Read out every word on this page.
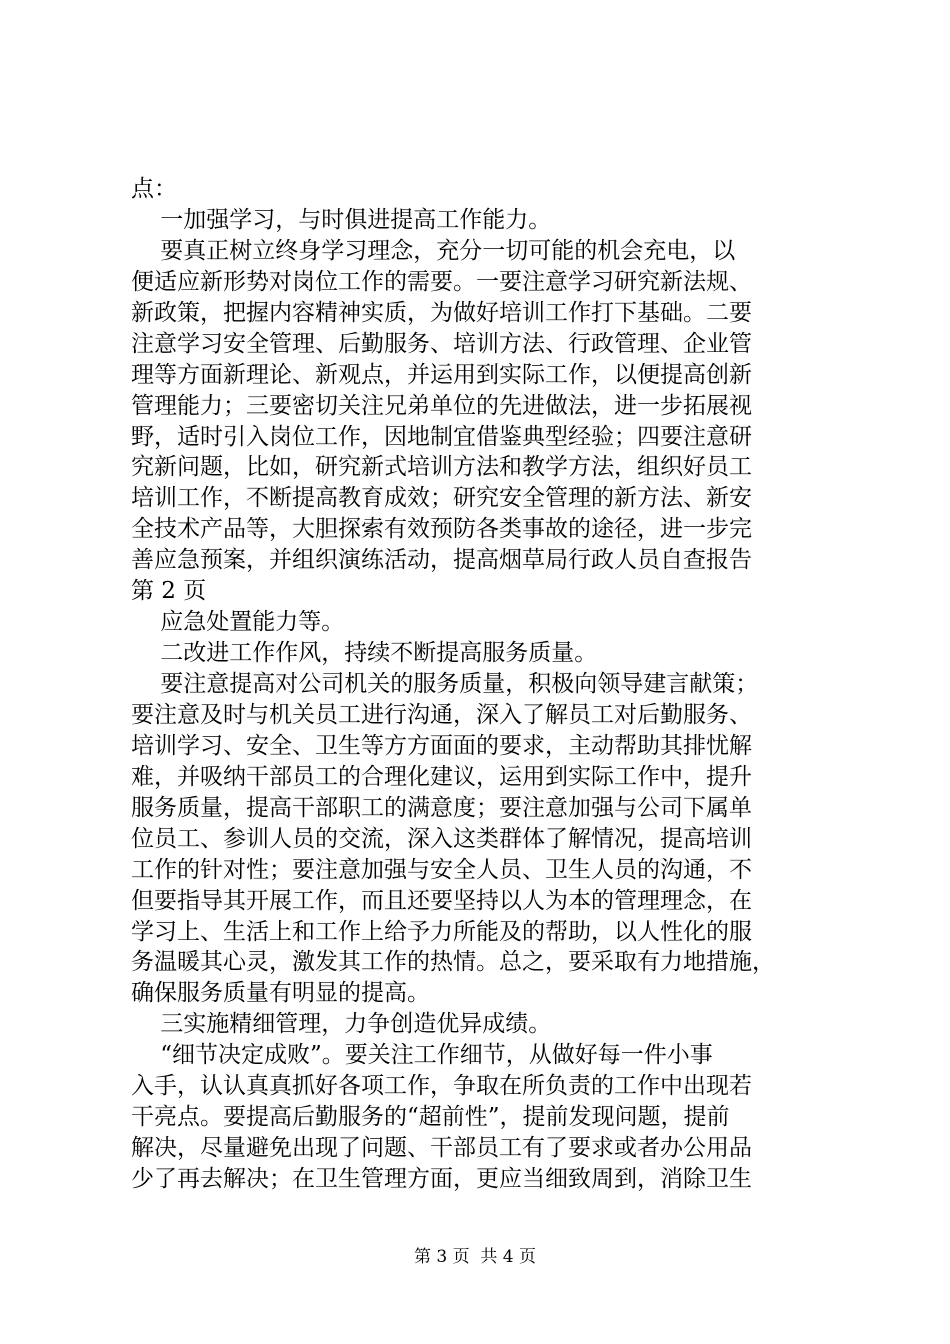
点：
一加强学习，与时俱进提高工作能力。
要真正树立终身学习理念，充分一切可能的机会充电，以
便适应新形势对岗位工作的需要。一要注意学习研究新法规、
新政策，把握内容精神实质，为做好培训工作打下基础。二要
注意学习安全管理、后勤服务、培训方法、行政管理、企业管
理等方面新理论、新观点，并运用到实际工作，以便提高创新
管理能力；三要密切关注兄弟单位的先进做法，进一步拓展视
野，适时引入岗位工作，因地制宜借鉴典型经验；四要注意研
究新问题，比如，研究新式培训方法和教学方法，组织好员工
培训工作，不断提高教育成效；研究安全管理的新方法、新安
全技术产品等，大胆探索有效预防各类事故的途径，进一步完
善应急预案，并组织演练活动，提高烟草局行政人员自查报告
第 2 页
应急处置能力等。
二改进工作作风，持续不断提高服务质量。
要注意提高对公司机关的服务质量，积极向领导建言献策；
要注意及时与机关员工进行沟通，深入了解员工对后勤服务、
培训学习、安全、卫生等方方面面的要求，主动帮助其排忧解
难，并吸纳干部员工的合理化建议，运用到实际工作中，提升
服务质量，提高干部职工的满意度；要注意加强与公司下属单
位员工、参训人员的交流，深入这类群体了解情况，提高培训
工作的针对性；要注意加强与安全人员、卫生人员的沟通，不
但要指导其开展工作，而且还要坚持以人为本的管理理念，在
学习上、生活上和工作上给予力所能及的帮助，以人性化的服
务温暖其心灵，激发其工作的热情。总之，要采取有力地措施，
确保服务质量有明显的提高。
三实施精细管理，力争创造优异成绩。
“细节决定成败”。要关注工作细节，从做好每一件小事
入手，认认真真抓好各项工作，争取在所负责的工作中出现若
干亮点。要提高后勤服务的“超前性”，提前发现问题，提前
解决，尽量避免出现了问题、干部员工有了要求或者办公用品
少了再去解决；在卫生管理方面，更应当细致周到，消除卫生
第 3 页  共 4 页
